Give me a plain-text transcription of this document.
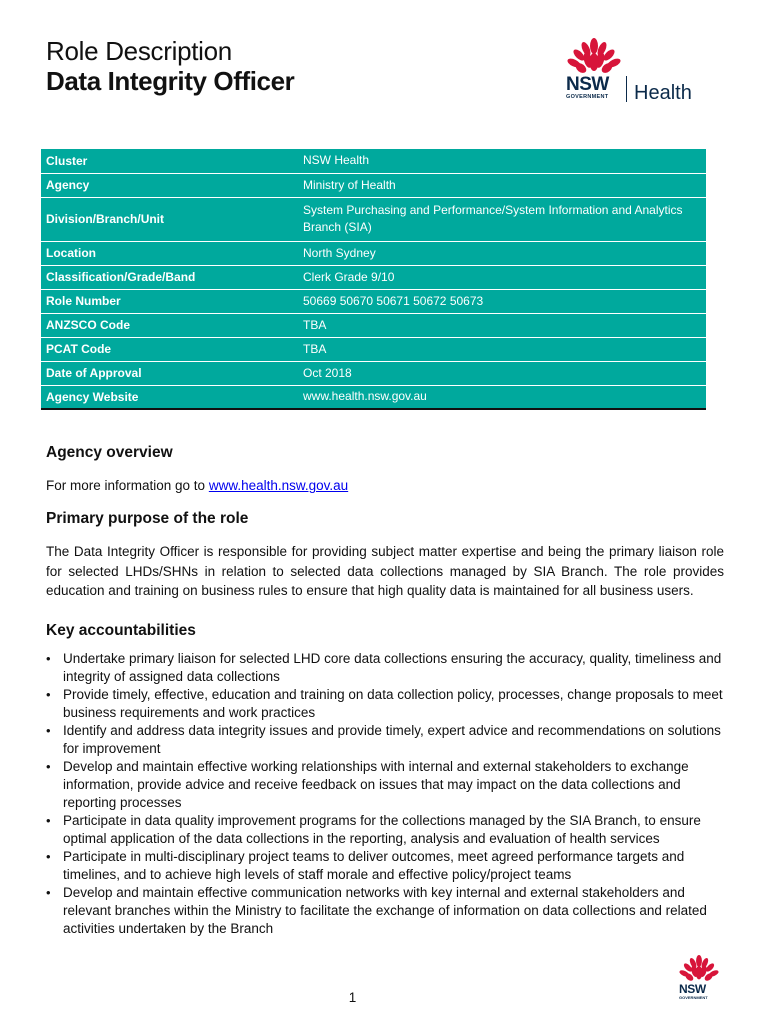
Role Description
Data Integrity Officer	NSW
GOVERNMENT Health
Cluster	NSW Health
Agency	Ministry of Health
Division/Branch/Unit	System Purchasing and Performance/System Information and Analytics Branch (SIA)
Location	North Sydney
Classification/Grade/Band	Clerk Grade 9/10
Role Number	50669 50670 50671 50672 50673
ANZSCO Code	TBA
PCAT Code	TBA
Date of Approval	Oct 2018
Agency Website	www.health.nsw.gov.au
Agency overview

For more information go to www.health.nsw.gov.au

Primary purpose of the role

The Data Integrity Officer is responsible for providing subject matter expertise and being the primary liaison role for selected LHDs/SHNs in relation to selected data collections managed by SIA Branch. The role provides education and training on business rules to ensure that high quality data is maintained for all business users.

Key accountabilities
• Undertake primary liaison for selected LHD core data collections ensuring the accuracy, quality, timeliness and integrity of assigned data collections
• Provide timely, effective, education and training on data collection policy, processes, change proposals to meet business requirements and work practices
• Identify and address data integrity issues and provide timely, expert advice and recommendations on solutions for improvement
• Develop and maintain effective working relationships with internal and external stakeholders to exchange information, provide advice and receive feedback on issues that may impact on the data collections and reporting processes
• Participate in data quality improvement programs for the collections managed by the SIA Branch, to ensure optimal application of the data collections in the reporting, analysis and evaluation of health services
• Participate in multi-disciplinary project teams to deliver outcomes, meet agreed performance targets and timelines, and to achieve high levels of staff morale and effective policy/project teams
• Develop and maintain effective communication networks with key internal and external stakeholders and relevant branches within the Ministry to facilitate the exchange of information on data collections and related activities undertaken by the Branch
1
NSW
GOVERNMENT
